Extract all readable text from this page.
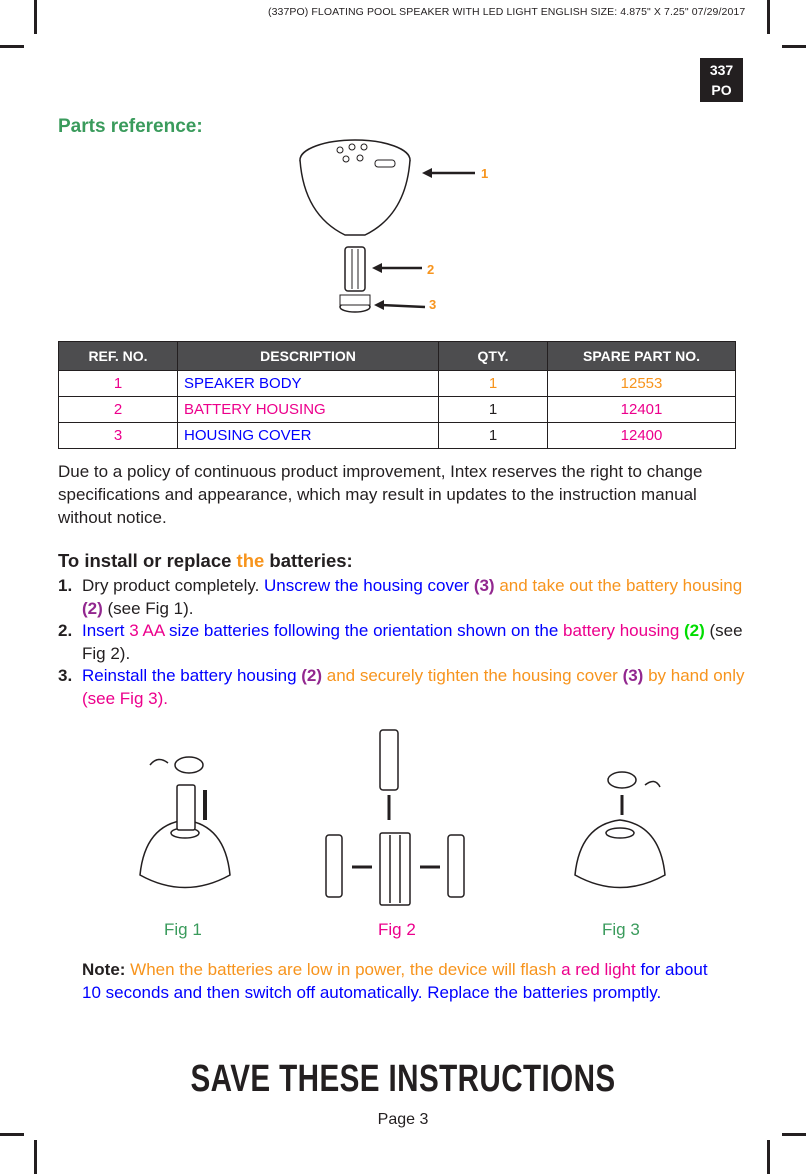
(337PO) FLOATING POOL SPEAKER WITH LED LIGHT ENGLISH SIZE: 4.875" X 7.25" 07/29/2017
337
PO
Parts reference:
1
2
3
REF. NO.	DESCRIPTION	QTY.	SPARE PART NO.
1	SPEAKER BODY	1	12553
2	BATTERY HOUSING	1	12401
3	HOUSING COVER	1	12400
Due to a policy of continuous product improvement, Intex reserves the right to change specifications and appearance, which may result in updates to the instruction manual without notice.
To install or replace the batteries:
1. Dry product completely. Unscrew the housing cover (3) and take out the battery housing (2) (see Fig 1).
2. Insert 3 AA size batteries following the orientation shown on the battery housing (2) (see Fig 2).
3. Reinstall the battery housing (2) and securely tighten the housing cover (3) by hand only (see Fig 3).
Fig 1	Fig 2	Fig 3
Note: When the batteries are low in power, the device will flash a red light for about 10 seconds and then switch off automatically. Replace the batteries promptly.
SAVE THESE INSTRUCTIONS
Page 3
